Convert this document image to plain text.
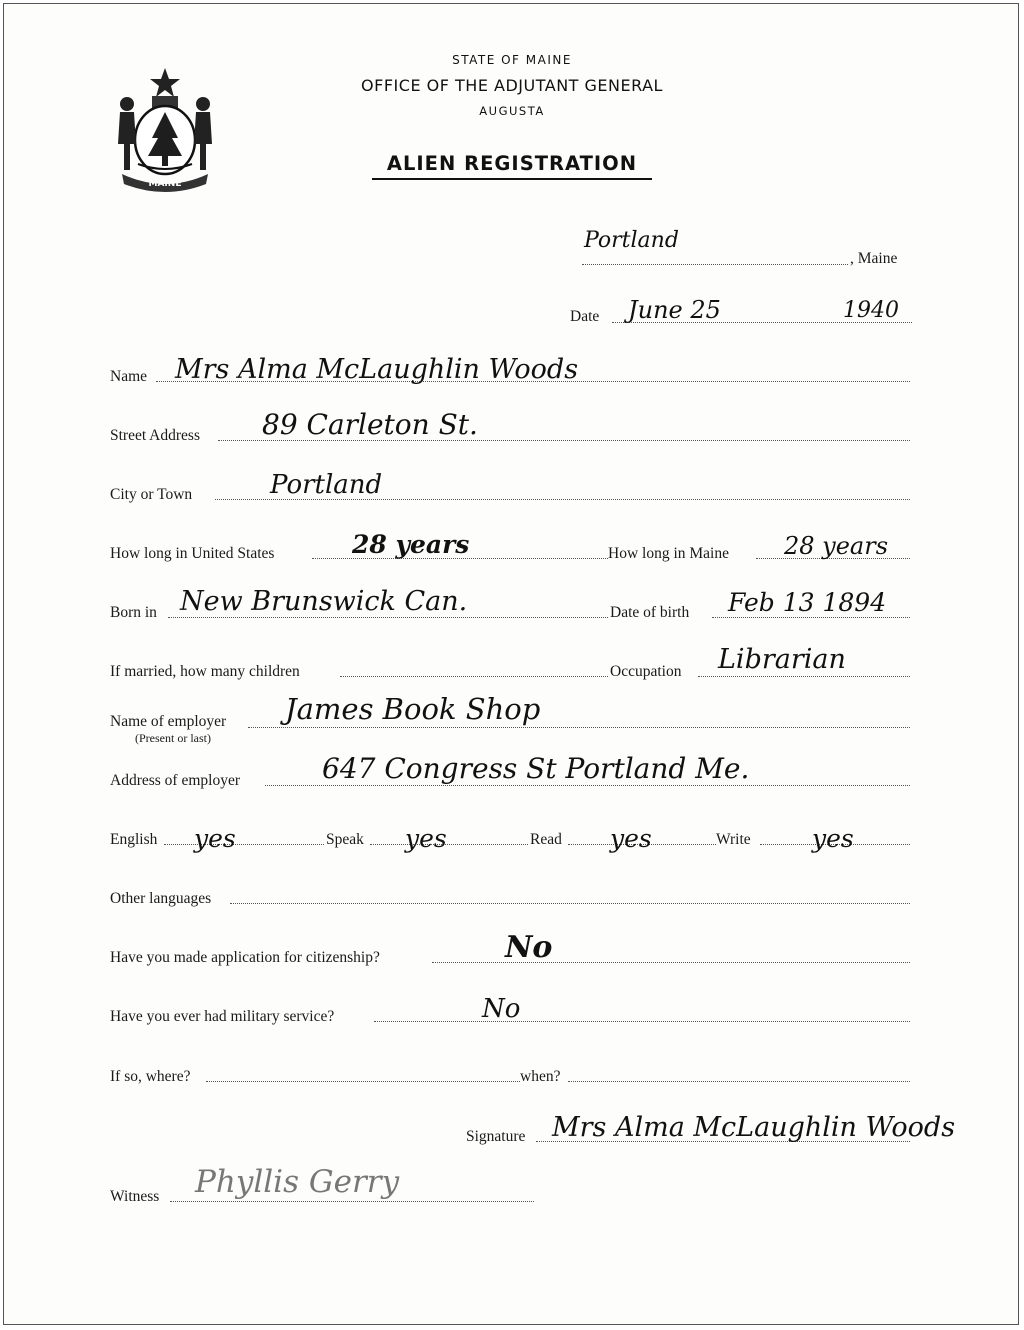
MAINE
STATE OF MAINE
OFFICE OF THE ADJUTANT GENERAL
AUGUSTA
ALIEN REGISTRATION
Portland
, Maine
Date June 25	1940
Name Mrs Alma McLaughlin Woods
Street Address 89 Carleton St.
City or Town	Portland
How long in United States	28 years	How long in Maine 28 years
Born in New Brunswick Can.	Date of birth Feb 13 1894
If married, how many children	Occupation Librarian
Name of employer
(Present or last)
James Book Shop
Address of employer	647 Congress St Portland Me.
English yes	Speak yes	Read yes	Write yes
Other languages
Have you made application for citizenship?	No
Have you ever had military service?	No
If so, where?	when?
Signature Mrs Alma McLaughlin Woods
Witness Phyllis Gerry
